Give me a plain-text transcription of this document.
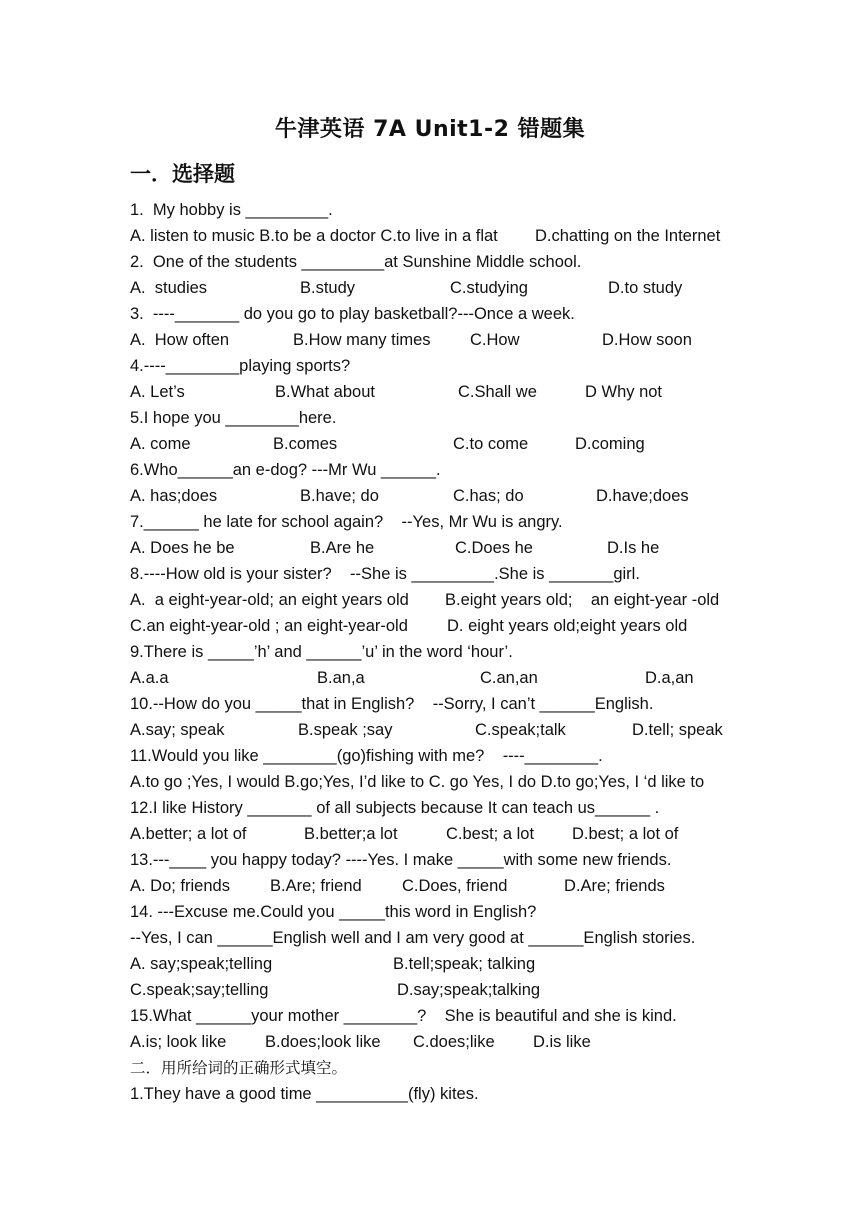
牛津英语 7A Unit1-2 错题集
一．选择题
1.  My hobby is _________.
A. listen to music B.to be a doctor C.to live in a flat D.chatting on the Internet
2.  One of the students _________at Sunshine Middle school.
A.  studies	B.study	C.studying	D.to study
3.  ----_______ do you go to play basketball?---Once a week.
A.  How often	B.How many times C.How	D.How soon
4.----________playing sports?
A. Let’s	B.What about	C.Shall we	D Why not
5.I hope you ________here.
A. come	B.comes	C.to come	D.coming
6.Who______an e-dog? ---Mr Wu ______.
A. has;does	B.have; do	C.has; do	D.have;does
7.______ he late for school again?    --Yes, Mr Wu is angry.
A. Does he be	B.Are he	C.Does he	D.Is he
8.----How old is your sister?    --She is _________.She is _______girl.
A.  a eight-year-old; an eight years old B.eight years old;    an eight-year -old
C.an eight-year-old ; an eight-year-old D. eight years old;eight years old
9.There is _____’h’ and ______’u’ in the word ‘hour’.
A.a.a	B.an,a	C.an,an	D.a,an
10.--How do you _____that in English?    --Sorry, I can’t ______English.
A.say; speak	B.speak ;say	C.speak;talk	D.tell; speak
11.Would you like ________(go)fishing with me?    ----________.
A.to go ;Yes, I would B.go;Yes, I’d like to C. go Yes, I do D.to go;Yes, I ‘d like to
12.I like History _______ of all subjects because It can teach us______ .
A.better; a lot of	B.better;a lot	C.best; a lot D.best; a lot of
13.---____ you happy today? ----Yes. I make _____with some new friends.
A. Do; friends B.Are; friend C.Does, friend	D.Are; friends
14. ---Excuse me.Could you _____this word in English?
--Yes, I can ______English well and I am very good at ______English stories.
A. say;speak;telling	B.tell;speak; talking
C.speak;say;telling	D.say;speak;talking
15.What ______your mother ________?    She is beautiful and she is kind.
A.is; look like B.does;look like C.does;like D.is like
二．用所给词的正确形式填空。
1.They have a good time __________(fly) kites.
